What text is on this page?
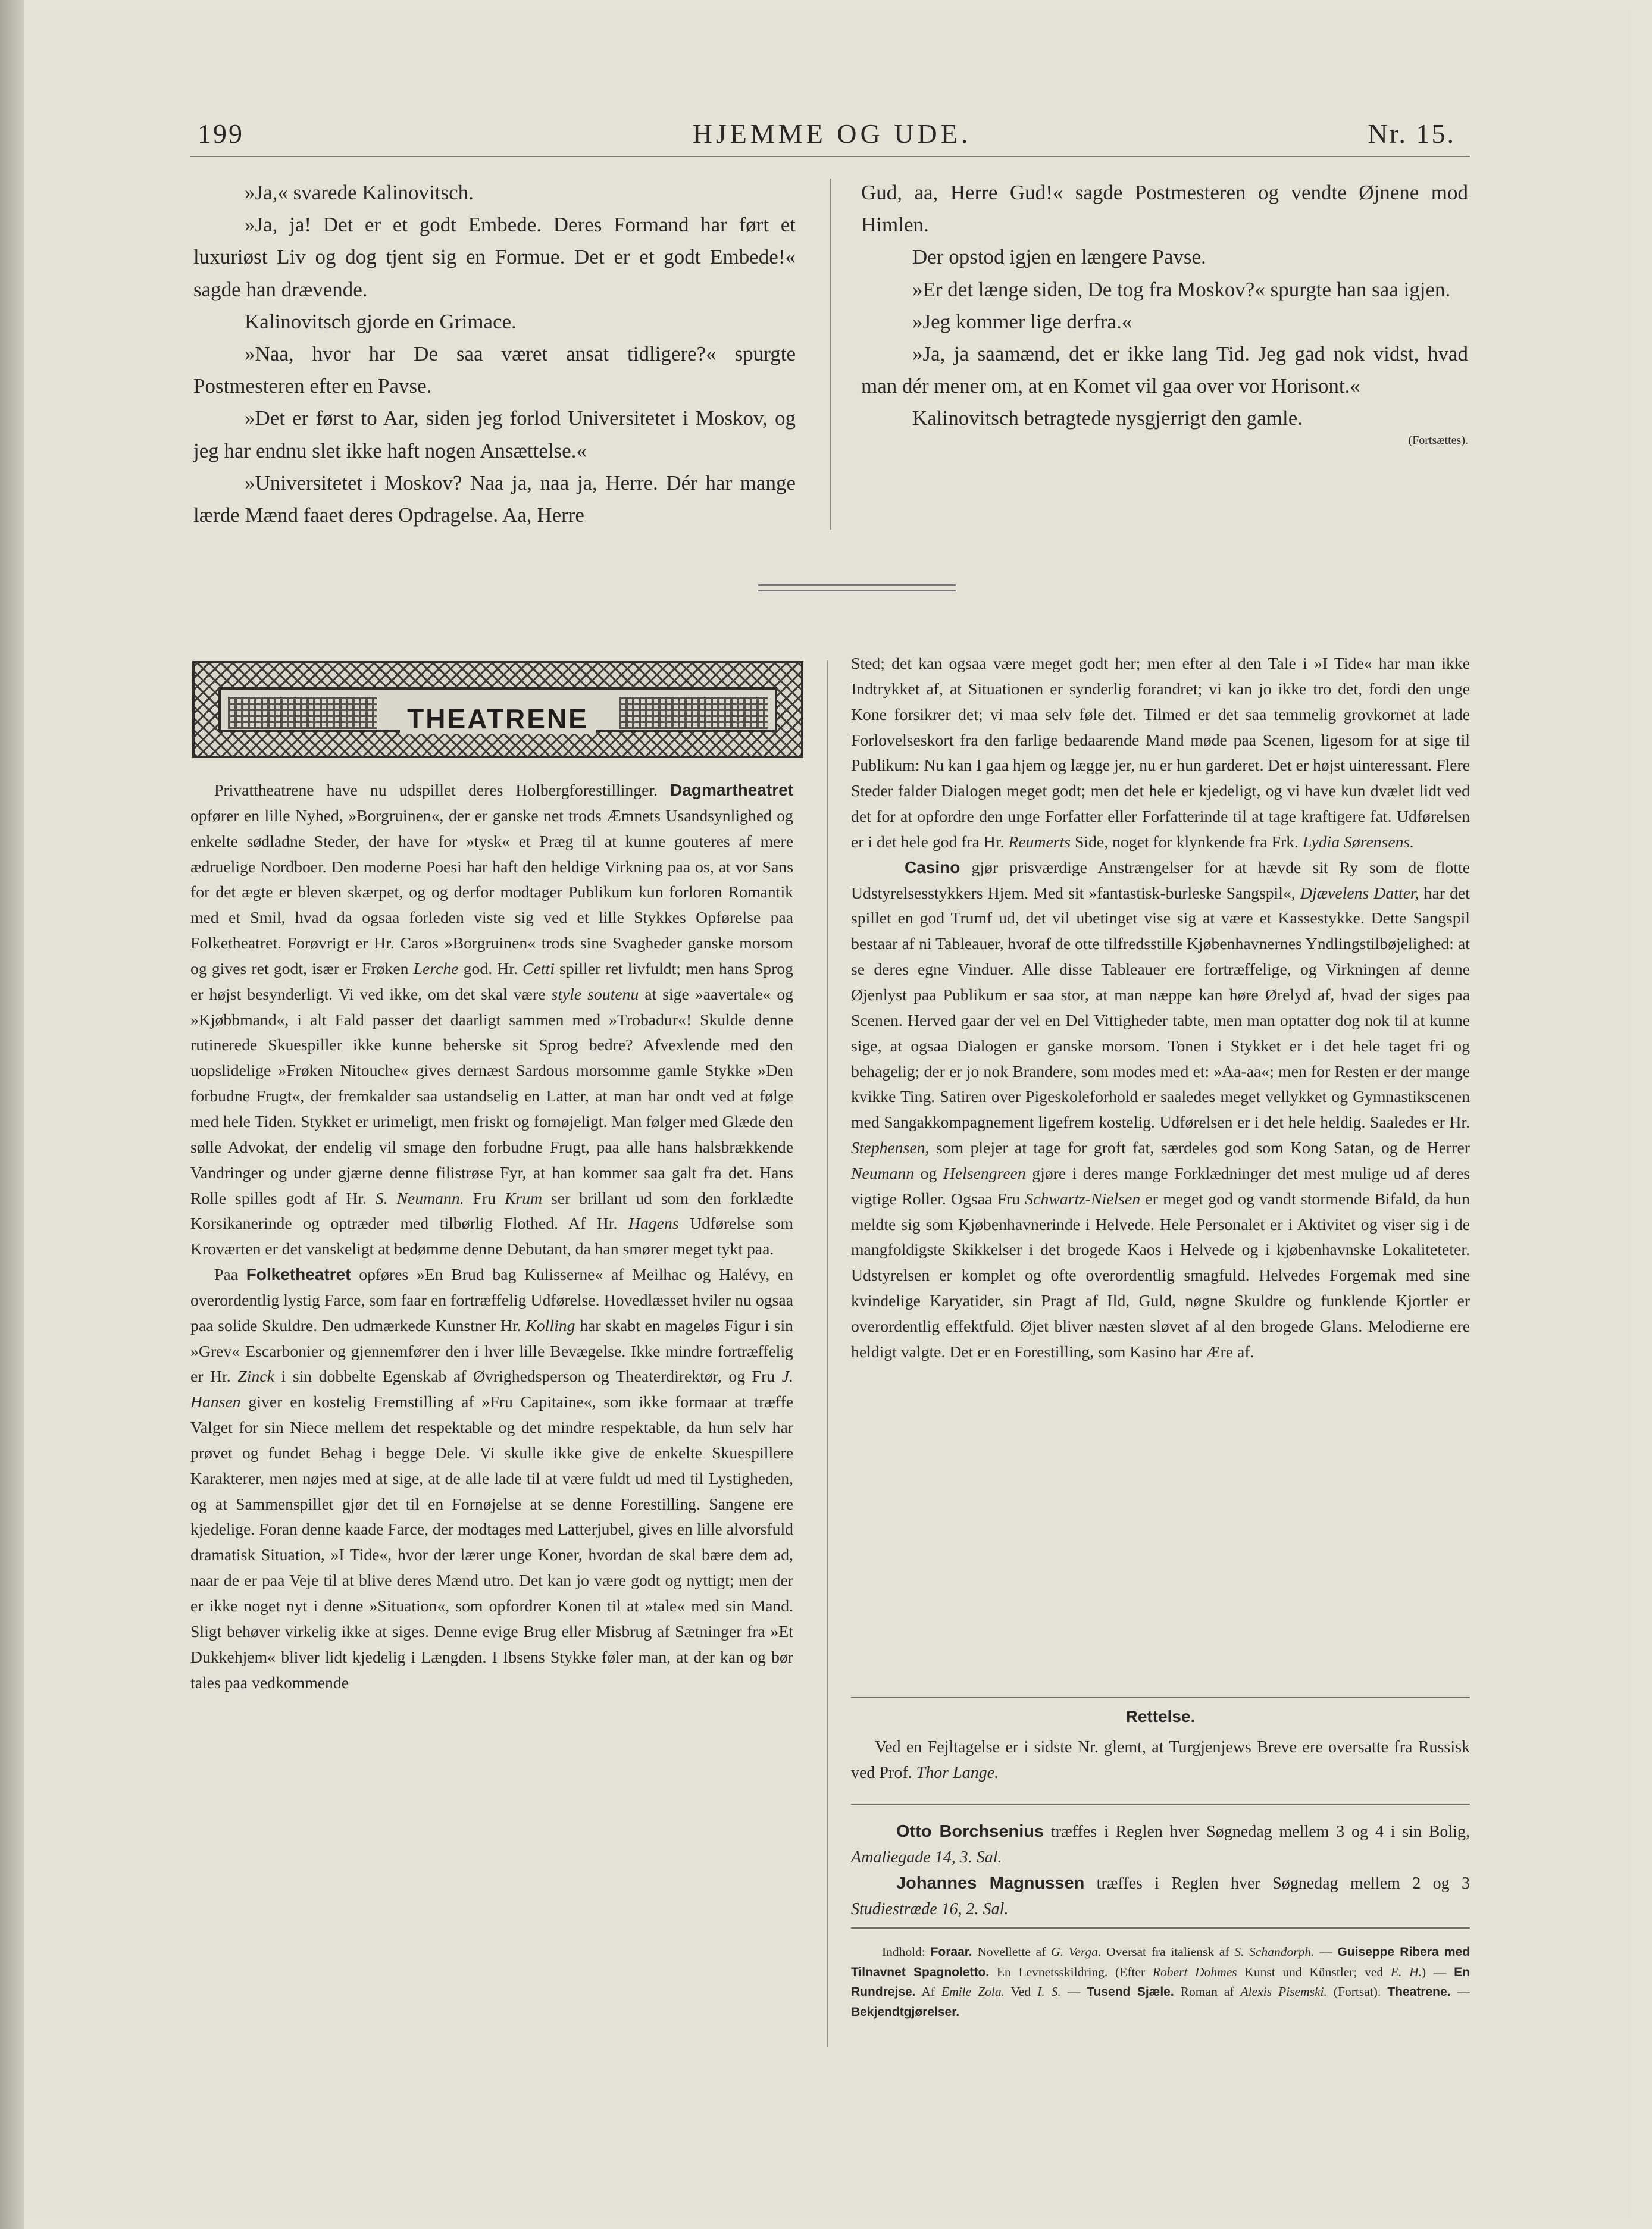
199	HJEMME OG UDE.	Nr. 15.

»Ja,« svarede Kalinovitsch.

»Ja, ja! Det er et godt Embede. Deres Formand har ført et luxuriøst Liv og dog tjent sig en Formue. Det er et godt Embede!« sagde han drævende.

Kalinovitsch gjorde en Grimace.

»Naa, hvor har De saa været ansat tidligere?« spurgte Postmesteren efter en Pavse.

»Det er først to Aar, siden jeg forlod Universitetet i Moskov, og jeg har endnu slet ikke haft nogen Ansættelse.«

»Universitetet i Moskov? Naa ja, naa ja, Herre. Dér har mange lærde Mænd faaet deres Opdragelse. Aa, Herre

Gud, aa, Herre Gud!« sagde Postmesteren og vendte Øjnene mod Himlen.

Der opstod igjen en længere Pavse.

»Er det længe siden, De tog fra Moskov?« spurgte han saa igjen.

»Jeg kommer lige derfra.«

»Ja, ja saamænd, det er ikke lang Tid. Jeg gad nok vidst, hvad man dér mener om, at en Komet vil gaa over vor Horisont.«

Kalinovitsch betragtede nysgjerrigt den gamle.

(Fortsættes).
THEATRENE

Privattheatrene have nu udspillet deres Holbergforestillinger. Dagmartheatret opfører en lille Nyhed, »Borgruinen«, der er ganske net trods Æmnets Usandsynlighed og enkelte sødladne Steder, der have for »tysk« et Præg til at kunne gouteres af mere ædruelige Nordboer. Den moderne Poesi har haft den heldige Virkning paa os, at vor Sans for det ægte er bleven skærpet, og og derfor modtager Publikum kun forloren Romantik med et Smil, hvad da ogsaa forleden viste sig ved et lille Stykkes Opførelse paa Folketheatret. Forøvrigt er Hr. Caros »Borgruinen« trods sine Svagheder ganske morsom og gives ret godt, især er Frøken Lerche god. Hr. Cetti spiller ret livfuldt; men hans Sprog er højst besynderligt. Vi ved ikke, om det skal være style soutenu at sige »aavertale« og »Kjøbbmand«, i alt Fald passer det daarligt sammen med »Trobadur«! Skulde denne rutinerede Skuespiller ikke kunne beherske sit Sprog bedre? Afvexlende med den uopslidelige »Frøken Nitouche« gives dernæst Sardous morsomme gamle Stykke »Den forbudne Frugt«, der fremkalder saa ustandselig en Latter, at man har ondt ved at følge med hele Tiden. Stykket er urimeligt, men friskt og fornøjeligt. Man følger med Glæde den sølle Advokat, der endelig vil smage den forbudne Frugt, paa alle hans halsbrækkende Vandringer og under gjærne denne filistrøse Fyr, at han kommer saa galt fra det. Hans Rolle spilles godt af Hr. S. Neumann. Fru Krum ser brillant ud som den forklædte Korsikanerinde og optræder med tilbørlig Flothed. Af Hr. Hagens Udførelse som Kroværten er det vanskeligt at bedømme denne Debutant, da han smører meget tykt paa.

Paa Folketheatret opføres »En Brud bag Kulisserne« af Meilhac og Halévy, en overordentlig lystig Farce, som faar en fortræffelig Udførelse. Hovedlæsset hviler nu ogsaa paa solide Skuldre. Den udmærkede Kunstner Hr. Kolling har skabt en mageløs Figur i sin »Grev« Escarbonier og gjennemfører den i hver lille Bevægelse. Ikke mindre fortræffelig er Hr. Zinck i sin dobbelte Egenskab af Øvrighedsperson og Theaterdirektør, og Fru J. Hansen giver en kostelig Fremstilling af »Fru Capitaine«, som ikke formaar at træffe Valget for sin Niece mellem det respektable og det mindre respektable, da hun selv har prøvet og fundet Behag i begge Dele. Vi skulle ikke give de enkelte Skuespillere Karakterer, men nøjes med at sige, at de alle lade til at være fuldt ud med til Lystigheden, og at Sammenspillet gjør det til en Fornøjelse at se denne Forestilling. Sangene ere kjedelige. Foran denne kaade Farce, der modtages med Latterjubel, gives en lille alvorsfuld dramatisk Situation, »I Tide«, hvor der lærer unge Koner, hvordan de skal bære dem ad, naar de er paa Veje til at blive deres Mænd utro. Det kan jo være godt og nyttigt; men der er ikke noget nyt i denne »Situation«, som opfordrer Konen til at »tale« med sin Mand. Sligt behøver virkelig ikke at siges. Denne evige Brug eller Misbrug af Sætninger fra »Et Dukkehjem« bliver lidt kjedelig i Længden. I Ibsens Stykke føler man, at der kan og bør tales paa vedkommende

Sted; det kan ogsaa være meget godt her; men efter al den Tale i »I Tide« har man ikke Indtrykket af, at Situationen er synderlig forandret; vi kan jo ikke tro det, fordi den unge Kone forsikrer det; vi maa selv føle det. Tilmed er det saa temmelig grovkornet at lade Forlovelseskort fra den farlige bedaarende Mand møde paa Scenen, ligesom for at sige til Publikum: Nu kan I gaa hjem og lægge jer, nu er hun garderet. Det er højst uinteressant. Flere Steder falder Dialogen meget godt; men det hele er kjedeligt, og vi have kun dvælet lidt ved det for at opfordre den unge Forfatter eller Forfatterinde til at tage kraftigere fat. Udførelsen er i det hele god fra Hr. Reumerts Side, noget for klynkende fra Frk. Lydia Sørensens.

Casino gjør prisværdige Anstrængelser for at hævde sit Ry som de flotte Udstyrelsesstykkers Hjem. Med sit »fantastisk-burleske Sangspil«, Djævelens Datter, har det spillet en god Trumf ud, det vil ubetinget vise sig at være et Kassestykke. Dette Sangspil bestaar af ni Tableauer, hvoraf de otte tilfredsstille Kjøbenhavnernes Yndlingstilbøjelighed: at se deres egne Vinduer. Alle disse Tableauer ere fortræffelige, og Virkningen af denne Øjenlyst paa Publikum er saa stor, at man næppe kan høre Ørelyd af, hvad der siges paa Scenen. Herved gaar der vel en Del Vittigheder tabte, men man optatter dog nok til at kunne sige, at ogsaa Dialogen er ganske morsom. Tonen i Stykket er i det hele taget fri og behagelig; der er jo nok Brandere, som modes med et: »Aa-aa«; men for Resten er der mange kvikke Ting. Satiren over Pigeskoleforhold er saaledes meget vellykket og Gymnastikscenen med Sangakkompagnement ligefrem kostelig. Udførelsen er i det hele heldig. Saaledes er Hr. Stephensen, som plejer at tage for groft fat, særdeles god som Kong Satan, og de Herrer Neumann og Helsengreen gjøre i deres mange Forklædninger det mest mulige ud af deres vigtige Roller. Ogsaa Fru Schwartz-Nielsen er meget god og vandt stormende Bifald, da hun meldte sig som Kjøbenhavnerinde i Helvede. Hele Personalet er i Aktivitet og viser sig i de mangfoldigste Skikkelser i det brogede Kaos i Helvede og i kjøbenhavnske Lokaliteteter. Udstyrelsen er komplet og ofte overordentlig smagfuld. Helvedes Forgemak med sine kvindelige Karyatider, sin Pragt af Ild, Guld, nøgne Skuldre og funklende Kjortler er overordentlig effektfuld. Øjet bliver næsten sløvet af al den brogede Glans. Melodierne ere heldigt valgte. Det er en Forestilling, som Kasino har Ære af.

Rettelse.

Ved en Fejltagelse er i sidste Nr. glemt, at Turgjenjews Breve ere oversatte fra Russisk ved Prof. Thor Lange.

Otto Borchsenius træffes i Reglen hver Søgnedag mellem 3 og 4 i sin Bolig, Amaliegade 14, 3. Sal.

Johannes Magnussen træffes i Reglen hver Søgnedag mellem 2 og 3 Studiestræde 16, 2. Sal.

Indhold: Foraar. Novellette af G. Verga. Oversat fra italiensk af S. Schandorph. — Guiseppe Ribera med Tilnavnet Spagnoletto. En Levnetsskildring. (Efter Robert Dohmes Kunst und Künstler; ved E. H.) — En Rundrejse. Af Emile Zola. Ved I. S. — Tusend Sjæle. Roman af Alexis Pisemski. (Fortsat). Theatrene. — Bekjendtgjørelser.
